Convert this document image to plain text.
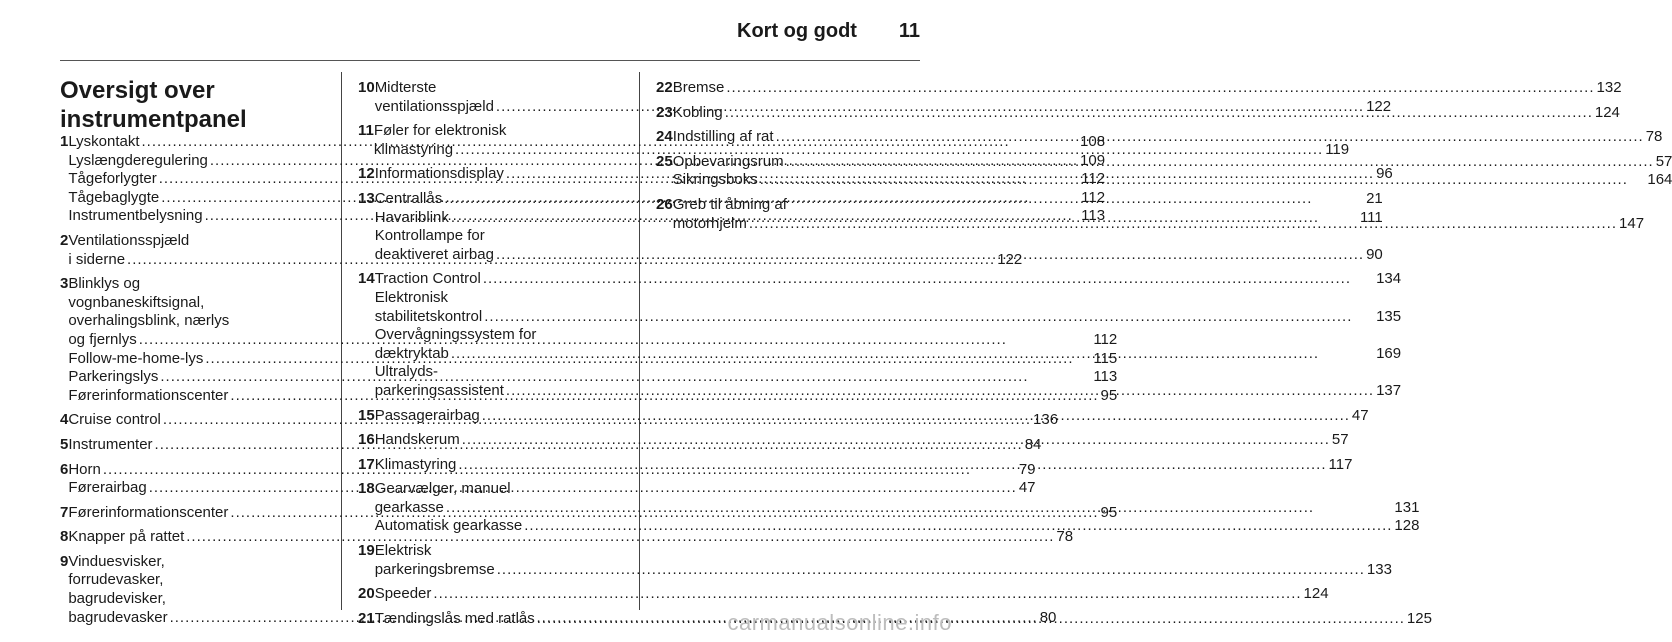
Kort og godt	11
Oversigt over instrumentpanel
1 Lyskontakt .....	108
Lyslængderegulering .....	109
Tågeforlygter .....	112
Tågebaglygte .....	112
Instrumentbelysning .....	113
2 Ventilationsspjæld
i siderne .....	122
3 Blinklys og
vognbaneskiftsignal,
overhalingsblink, nærlys
og fjernlys .....	112
Follow-me-home-lys .....	115
Parkeringslys .....	113
Førerinformationscenter .....	95
4 Cruise control .....	136
5 Instrumenter .....	84
6 Horn .....	79
Førerairbag .....	47
7 Førerinformationscenter .....	95
8 Knapper på rattet .....	78
9 Vinduesvisker,
forrudevasker,
bagrudevisker,
bagrudevasker .....	80
10 Midterste
ventilationsspjæld .....	122
11 Føler for elektronisk
klimastyring .....	119
12 Informationsdisplay .....	96
13 Centrallås .....	21
Havariblink .....	111
Kontrollampe for
deaktiveret airbag .....	90
14 Traction Control .....	134
Elektronisk
stabilitetskontrol .....	135
Overvågningssystem for
dæktryktab .....	169
Ultralyds-
parkeringsassistent .....	137
15 Passagerairbag .....	47
16 Handskerum .....	57
17 Klimastyring .....	117
18 Gearvælger, manuel
gearkasse .....	131
Automatisk gearkasse .....	128
19 Elektrisk
parkeringsbremse .....	133
20 Speeder .....	124
21 Tændingslås med ratlås .....	125
22 Bremse .....	132
23 Kobling .....	124
24 Indstilling af rat .....	78
25 Opbevaringsrum .....	57
Sikringsboks .....	164
26 Greb til åbning af
motorhjelm .....	147
carmanualsonline.info
